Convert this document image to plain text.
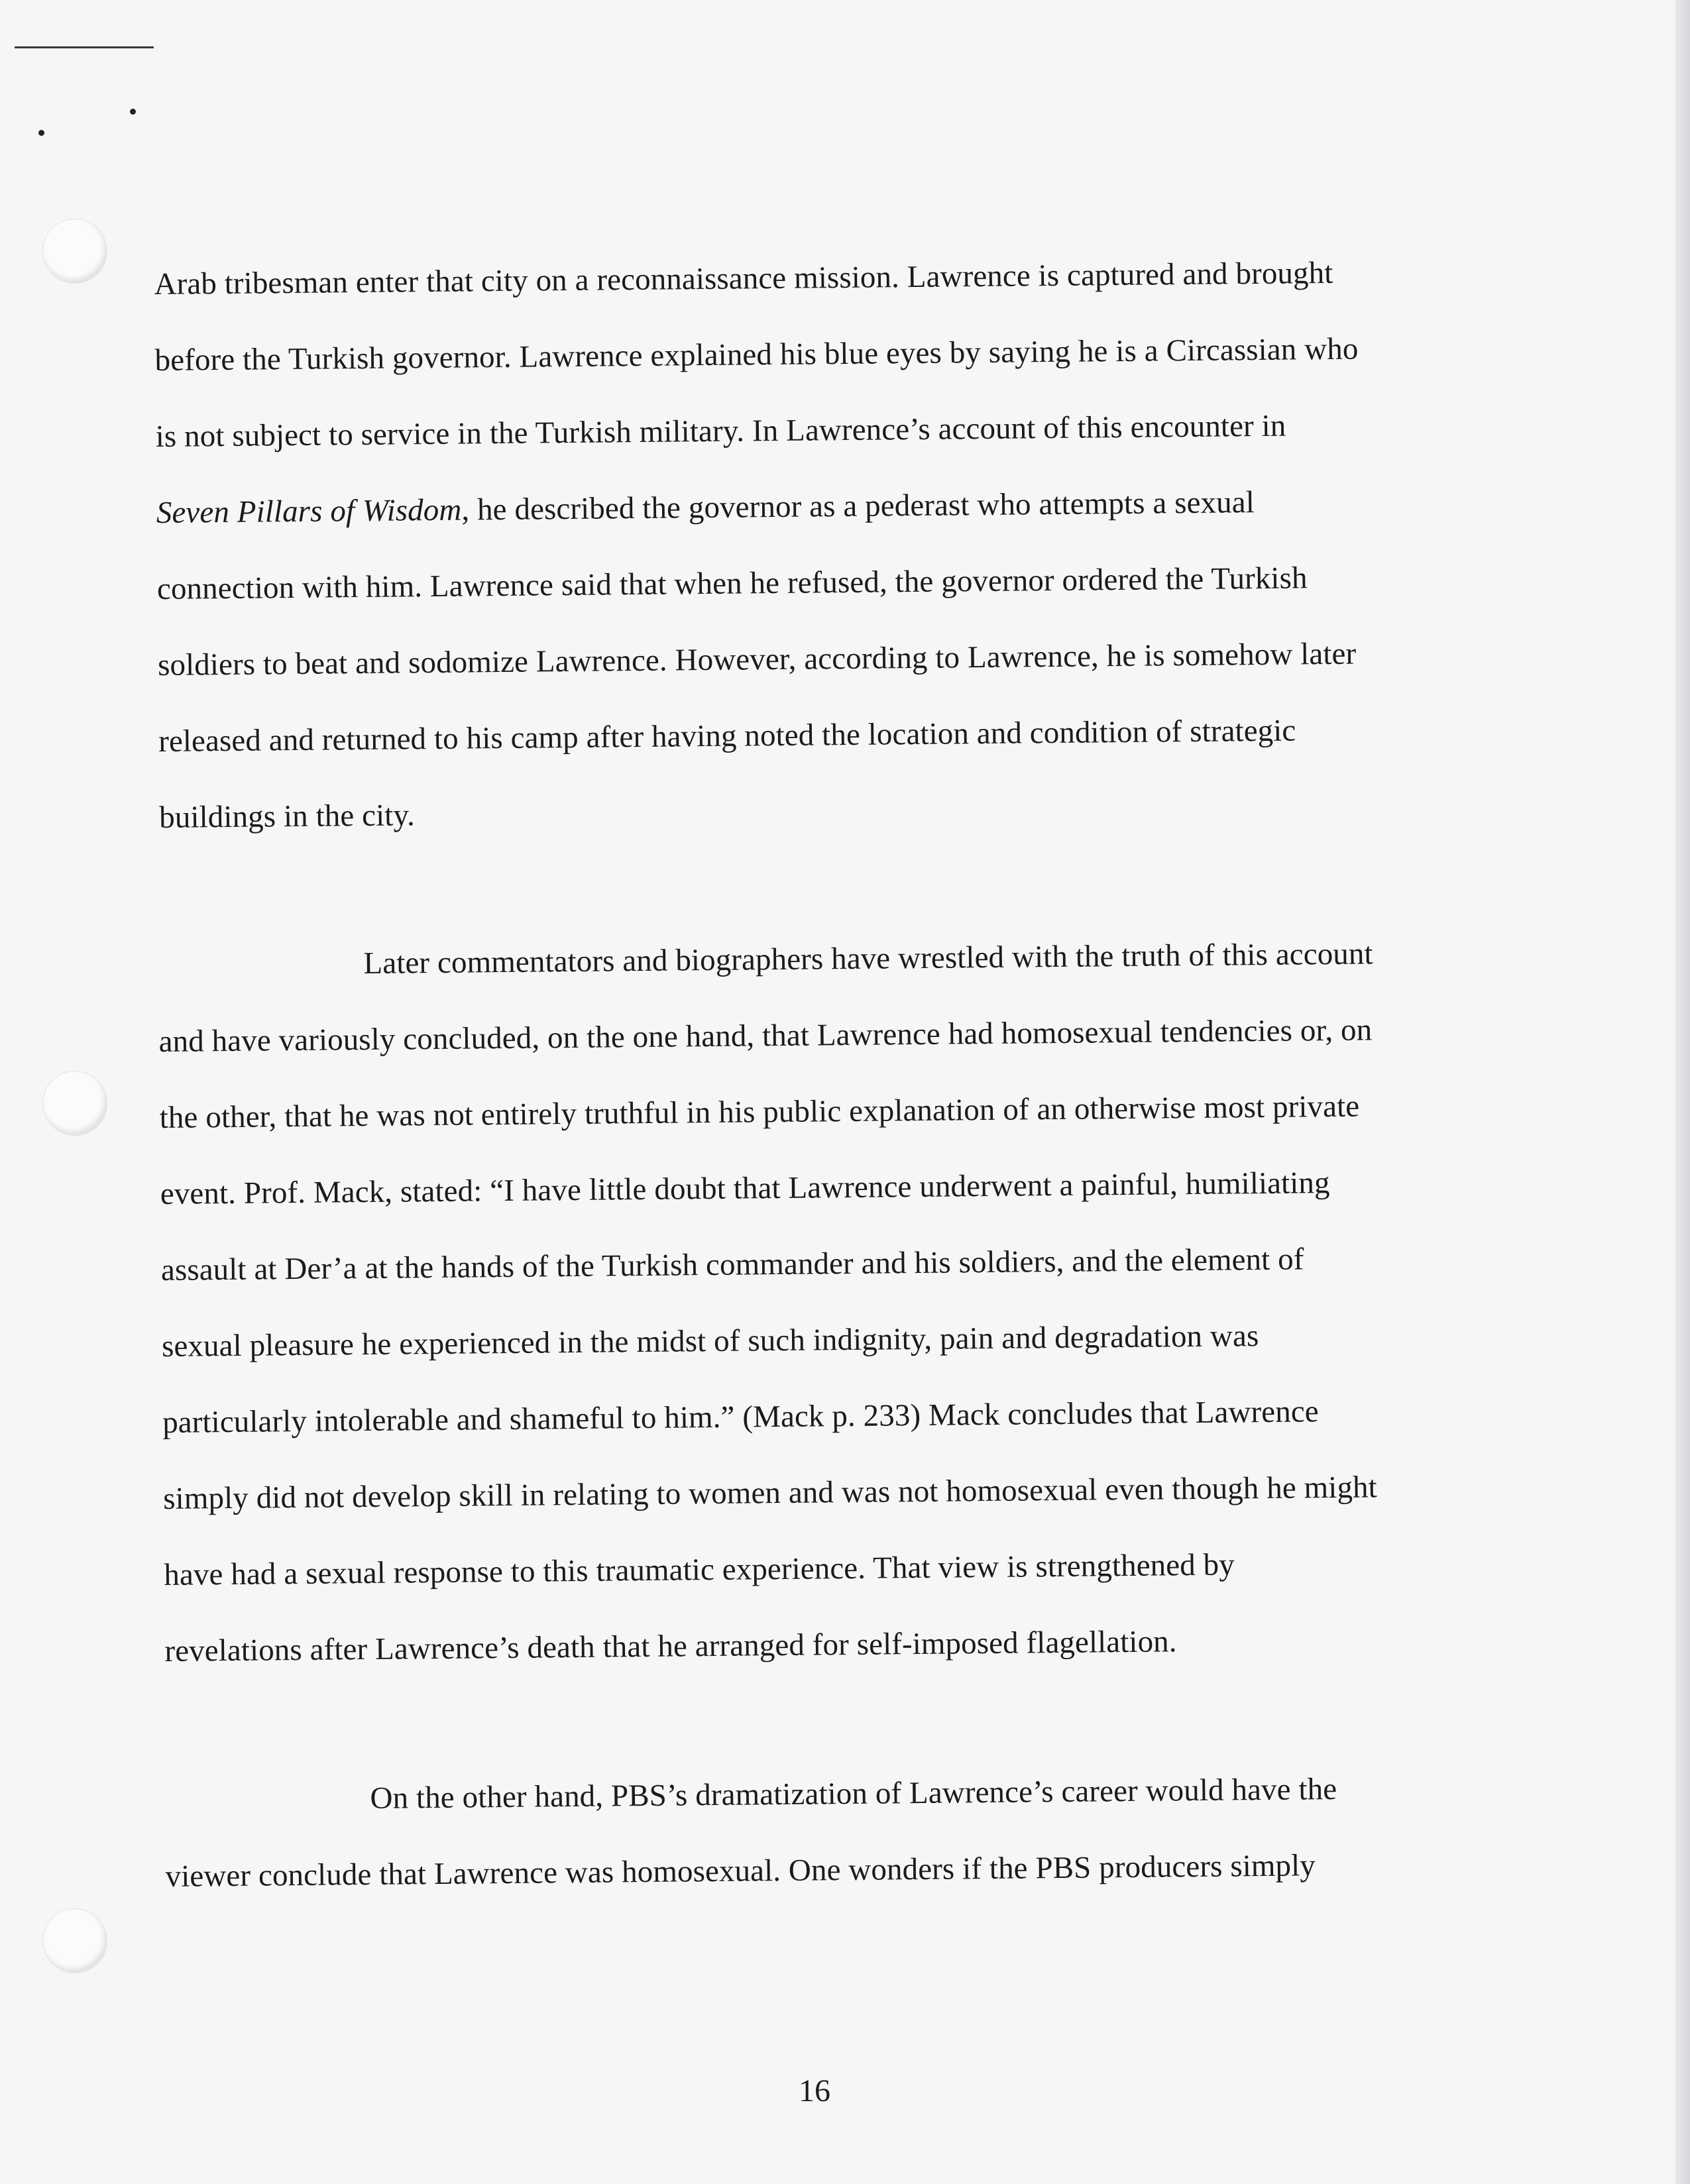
Arab tribesman enter that city on a reconnaissance mission. Lawrence is captured and brought
before the Turkish governor. Lawrence explained his blue eyes by saying he is a Circassian who
is not subject to service in the Turkish military. In Lawrence’s account of this encounter in
Seven Pillars of Wisdom, he described the governor as a pederast who attempts a sexual
connection with him. Lawrence said that when he refused, the governor ordered the Turkish
soldiers to beat and sodomize Lawrence. However, according to Lawrence, he is somehow later
released and returned to his camp after having noted the location and condition of strategic
buildings in the city.
Later commentators and biographers have wrestled with the truth of this account
and have variously concluded, on the one hand, that Lawrence had homosexual tendencies or, on
the other, that he was not entirely truthful in his public explanation of an otherwise most private
event. Prof. Mack, stated: “I have little doubt that Lawrence underwent a painful, humiliating
assault at Der’a at the hands of the Turkish commander and his soldiers, and the element of
sexual pleasure he experienced in the midst of such indignity, pain and degradation was
particularly intolerable and shameful to him.” (Mack p. 233) Mack concludes that Lawrence
simply did not develop skill in relating to women and was not homosexual even though he might
have had a sexual response to this traumatic experience. That view is strengthened by
revelations after Lawrence’s death that he arranged for self-imposed flagellation.
On the other hand, PBS’s dramatization of Lawrence’s career would have the
viewer conclude that Lawrence was homosexual. One wonders if the PBS producers simply
16
